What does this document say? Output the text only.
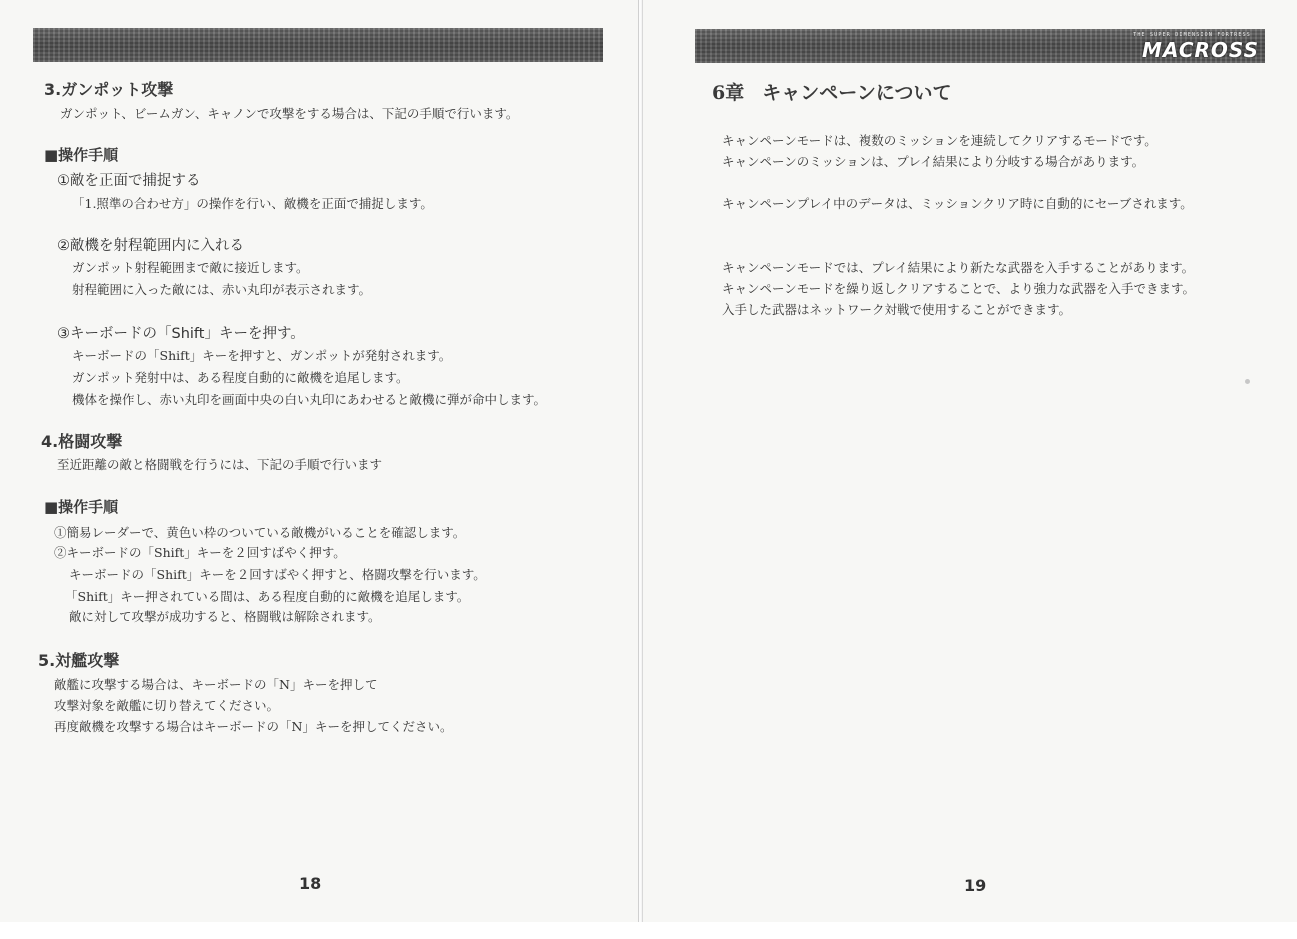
3.ガンポット攻撃
ガンポット、ビームガン、キャノンで攻撃をする場合は、下記の手順で行います。
■操作手順
①敵を正面で捕捉する
「1.照準の合わせ方」の操作を行い、敵機を正面で捕捉します。
②敵機を射程範囲内に入れる
ガンポット射程範囲まで敵に接近します。
射程範囲に入った敵には、赤い丸印が表示されます。
③キーボードの「Shift」キーを押す。
キーボードの「Shift」キーを押すと、ガンポットが発射されます。
ガンポット発射中は、ある程度自動的に敵機を追尾します。
機体を操作し、赤い丸印を画面中央の白い丸印にあわせると敵機に弾が命中します。
4.格闘攻撃
至近距離の敵と格闘戦を行うには、下記の手順で行います
■操作手順
①簡易レーダーで、黄色い枠のついている敵機がいることを確認します。
②キーボードの「Shift」キーを２回すばやく押す。
キーボードの「Shift」キーを２回すばやく押すと、格闘攻撃を行います。
「Shift」キー押されている間は、ある程度自動的に敵機を追尾します。
敵に対して攻撃が成功すると、格闘戦は解除されます。
5.対艦攻撃
敵艦に攻撃する場合は、キーボードの「N」キーを押して
攻撃対象を敵艦に切り替えてください。
再度敵機を攻撃する場合はキーボードの「N」キーを押してください。
18
THE SUPER DIMENSION FORTRESS
MACROSS
6章 キャンペーンについて
キャンペーンモードは、複数のミッションを連続してクリアするモードです。
キャンペーンのミッションは、プレイ結果により分岐する場合があります。
キャンペーンプレイ中のデータは、ミッションクリア時に自動的にセーブされます。
キャンペーンモードでは、プレイ結果により新たな武器を入手することがあります。
キャンペーンモードを繰り返しクリアすることで、より強力な武器を入手できます。
入手した武器はネットワーク対戦で使用することができます。
19
